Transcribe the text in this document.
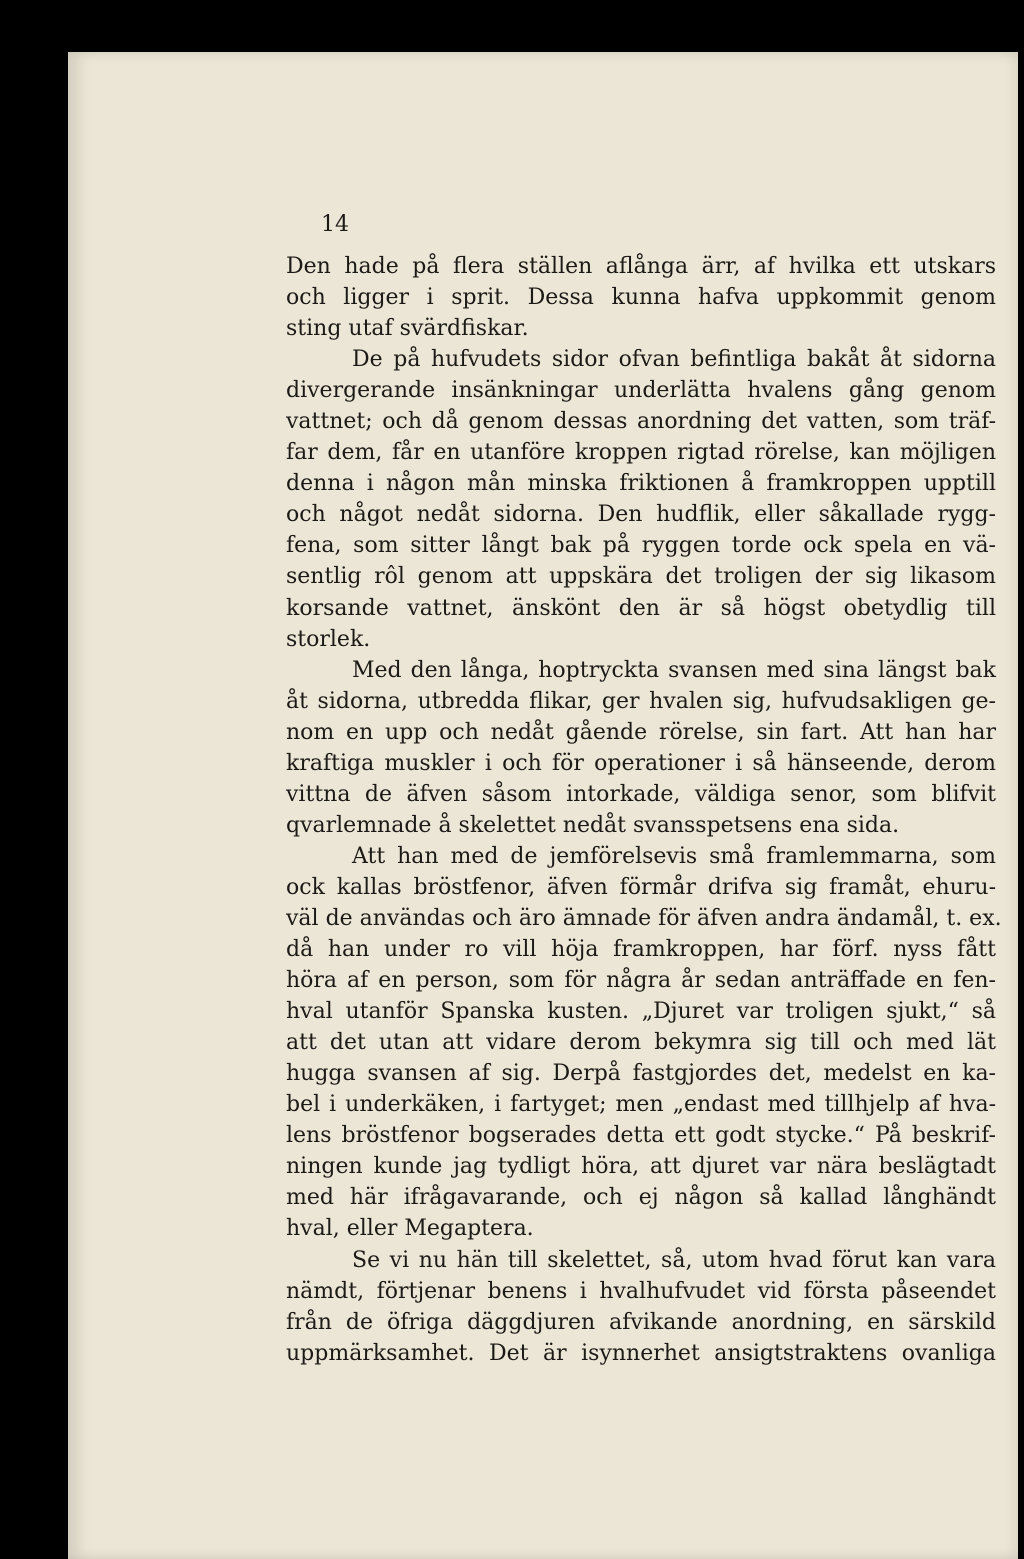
14

Den hade på flera ställen aflånga ärr, af hvilka ett utskars
och ligger i sprit. Dessa kunna hafva uppkommit genom
sting utaf svärdfiskar.
De på hufvudets sidor ofvan befintliga bakåt åt sidorna
divergerande insänkningar underlätta hvalens gång genom
vattnet; och då genom dessas anordning det vatten, som träf-
far dem, får en utanföre kroppen rigtad rörelse, kan möjligen
denna i någon mån minska friktionen å framkroppen upptill
och något nedåt sidorna. Den hudflik, eller såkallade rygg-
fena, som sitter långt bak på ryggen torde ock spela en vä-
sentlig rôl genom att uppskära det troligen der sig likasom
korsande vattnet, änskönt den är så högst obetydlig till
storlek.
Med den långa, hoptryckta svansen med sina längst bak
åt sidorna, utbredda flikar, ger hvalen sig, hufvudsakligen ge-
nom en upp och nedåt gående rörelse, sin fart. Att han har
kraftiga muskler i och för operationer i så hänseende, derom
vittna de äfven såsom intorkade, väldiga senor, som blifvit
qvarlemnade å skelettet nedåt svansspetsens ena sida.
Att han med de jemförelsevis små framlemmarna, som
ock kallas bröstfenor, äfven förmår drifva sig framåt, ehuru-
väl de användas och äro ämnade för äfven andra ändamål, t. ex.
då han under ro vill höja framkroppen, har förf. nyss fått
höra af en person, som för några år sedan anträffade en fen-
hval utanför Spanska kusten. „Djuret var troligen sjukt,“ så
att det utan att vidare derom bekymra sig till och med lät
hugga svansen af sig. Derpå fastgjordes det, medelst en ka-
bel i underkäken, i fartyget; men „endast med tillhjelp af hva-
lens bröstfenor bogserades detta ett godt stycke.“ På beskrif-
ningen kunde jag tydligt höra, att djuret var nära beslägtadt
med här ifrågavarande, och ej någon så kallad långhändt
hval, eller Megaptera.
Se vi nu hän till skelettet, så, utom hvad förut kan vara
nämdt, förtjenar benens i hvalhufvudet vid första påseendet
från de öfriga däggdjuren afvikande anordning, en särskild
uppmärksamhet. Det är isynnerhet ansigtstraktens ovanliga
